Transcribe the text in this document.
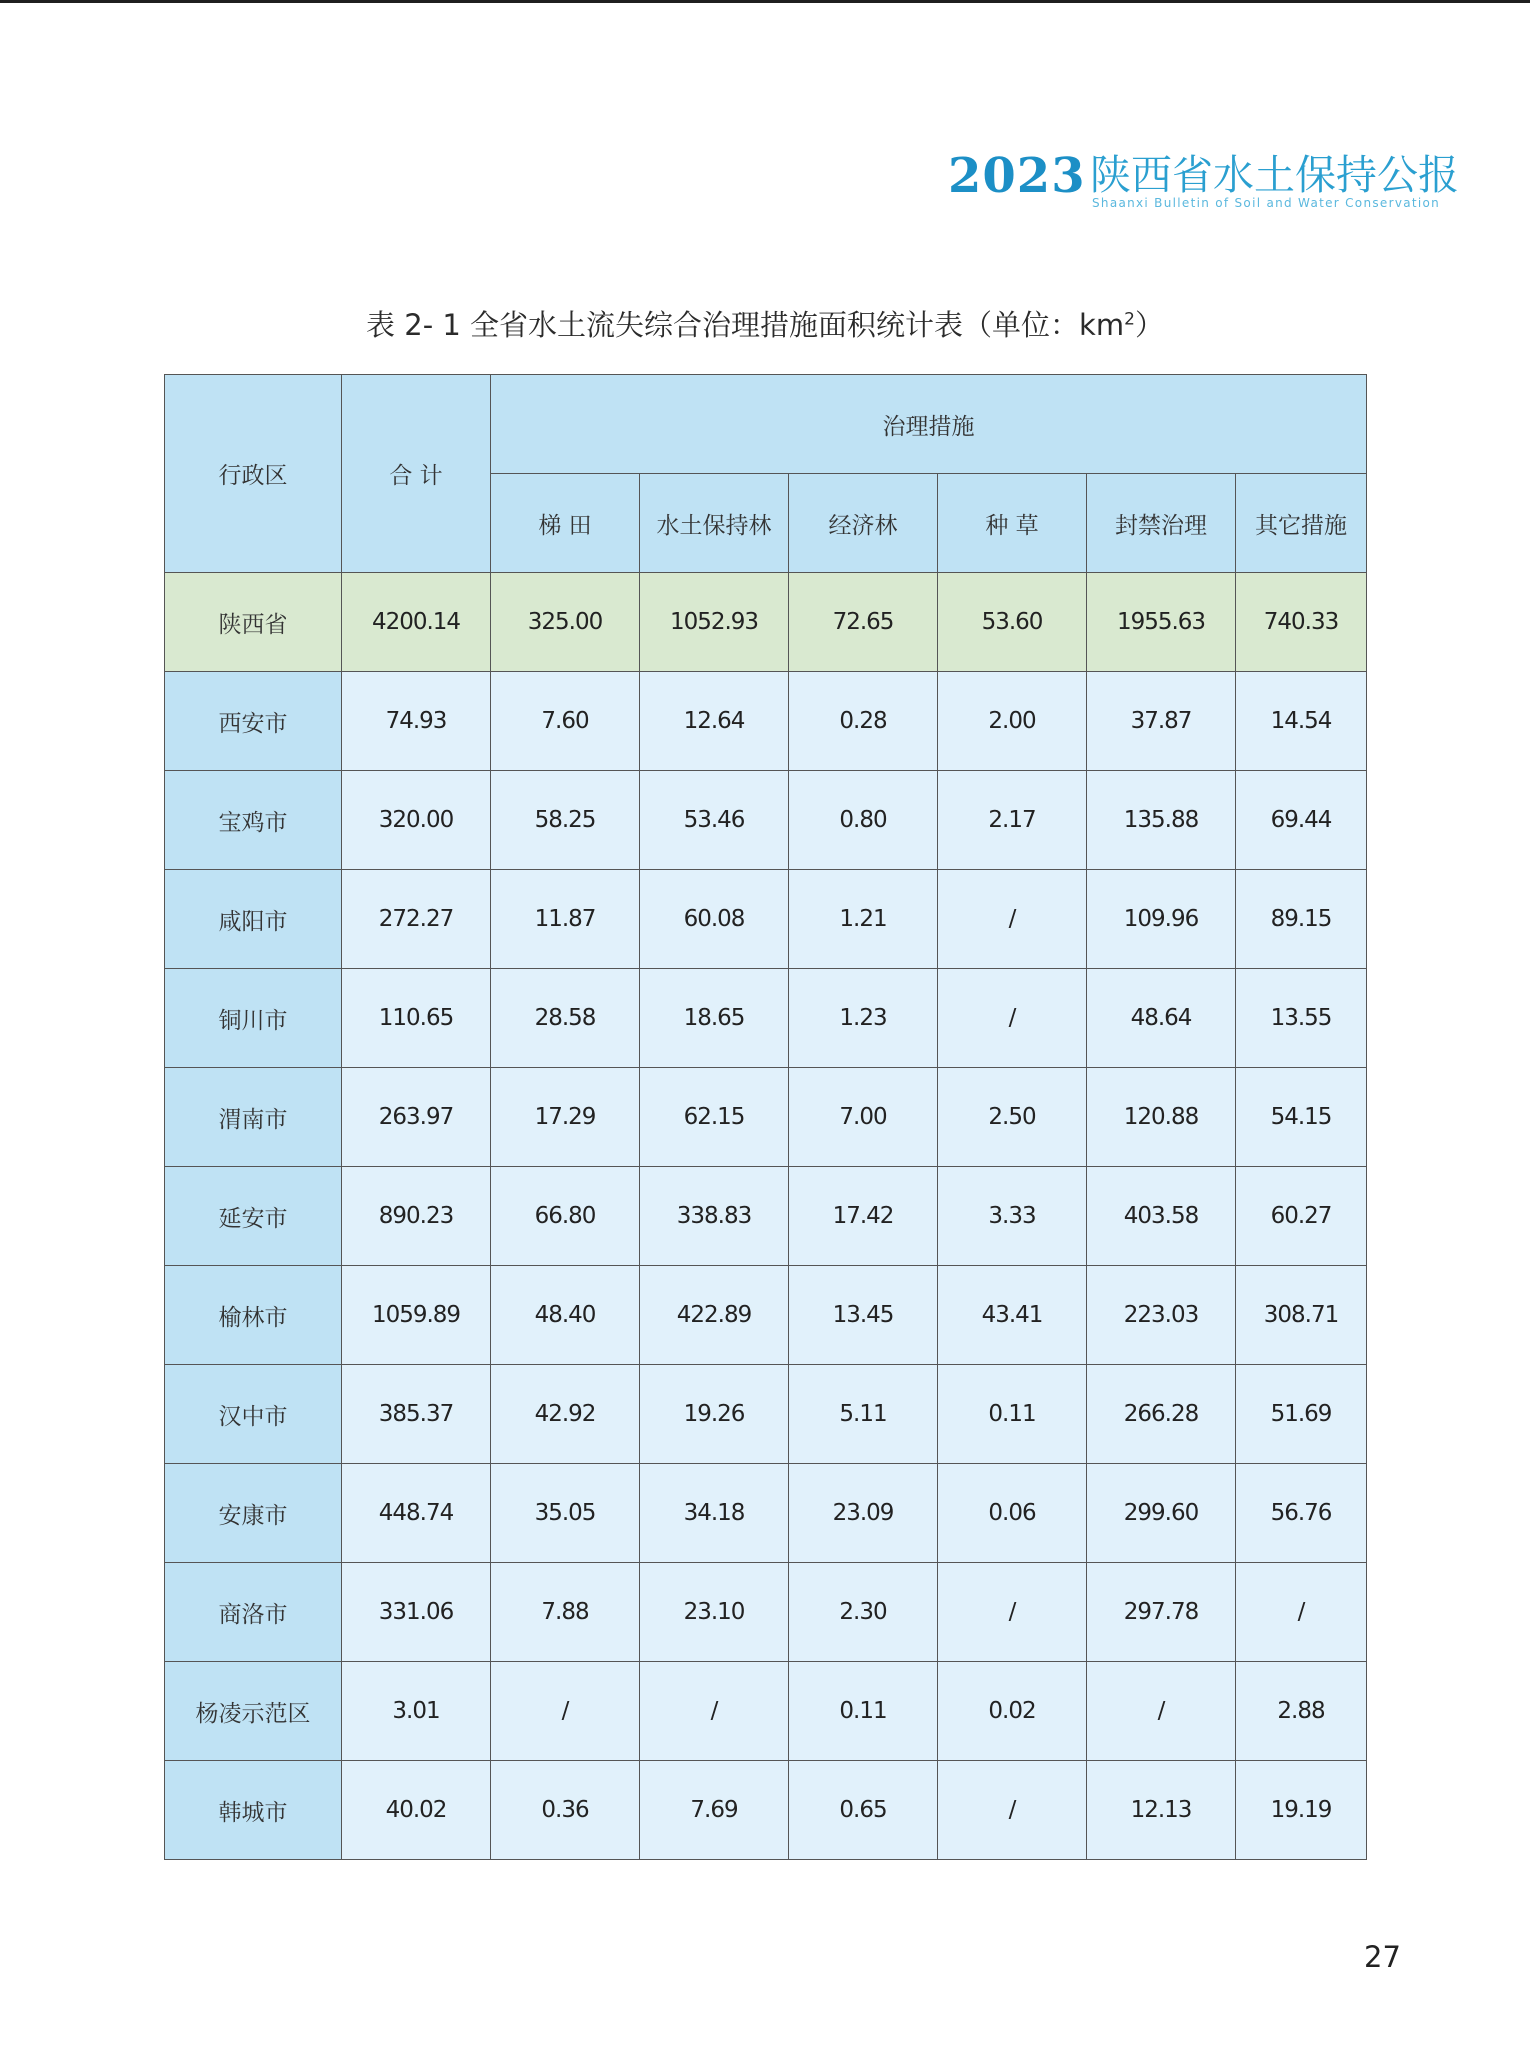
2023 陕西省水土保持公报
Shaanxi Bulletin of Soil and Water Conservation
表 2- 1 全省水土流失综合治理措施面积统计表（单位：$km^2$）
行政区	合 计	治理措施					
		梯 田	水土保持林	经济林	种 草	封禁治理	其它措施
陕西省	4200.14	325.00	1052.93	72.65	53.60	1955.63	740.33
西安市	74.93	7.60	12.64	0.28	2.00	37.87	14.54
宝鸡市	320.00	58.25	53.46	0.80	2.17	135.88	69.44
咸阳市	272.27	11.87	60.08	1.21	/	109.96	89.15
铜川市	110.65	28.58	18.65	1.23	/	48.64	13.55
渭南市	263.97	17.29	62.15	7.00	2.50	120.88	54.15
延安市	890.23	66.80	338.83	17.42	3.33	403.58	60.27
榆林市	1059.89	48.40	422.89	13.45	43.41	223.03	308.71
汉中市	385.37	42.92	19.26	5.11	0.11	266.28	51.69
安康市	448.74	35.05	34.18	23.09	0.06	299.60	56.76
商洛市	331.06	7.88	23.10	2.30	/	297.78	/
杨凌示范区	3.01	/	/	0.11	0.02	/	2.88
韩城市	40.02	0.36	7.69	0.65	/	12.13	19.19
27
